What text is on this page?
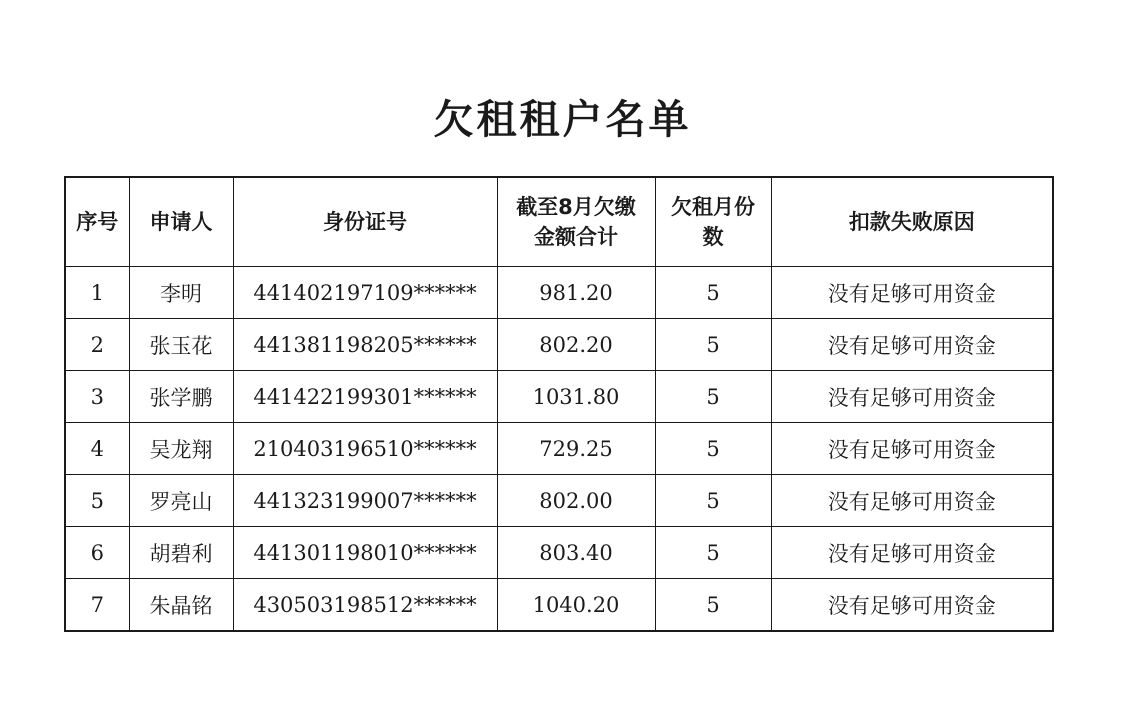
欠租租户名单
序号	申请人	身份证号	截至8月欠缴金额合计	欠租月份数	扣款失败原因
1	李明	441402197109******	981.20	5	没有足够可用资金
2	张玉花	441381198205******	802.20	5	没有足够可用资金
3	张学鹏	441422199301******	1031.80	5	没有足够可用资金
4	吴龙翔	210403196510******	729.25	5	没有足够可用资金
5	罗亮山	441323199007******	802.00	5	没有足够可用资金
6	胡碧利	441301198010******	803.40	5	没有足够可用资金
7	朱晶铭	430503198512******	1040.20	5	没有足够可用资金
